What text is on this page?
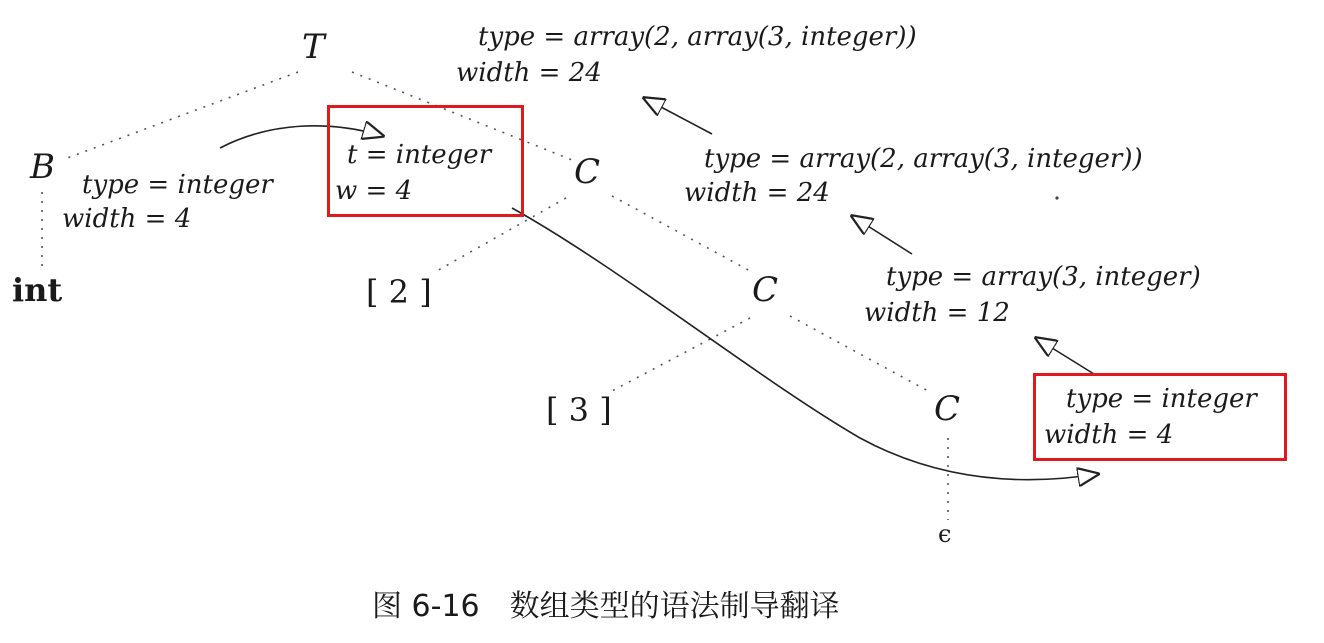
T
B	C
C
C
int	[ 2 ]
[ 3 ]
ϵ
type = array(2, array(3, integer))
width = 24
type = integer
width = 4
t = integer
w = 4
type = array(2, array(3, integer))
width = 24
type = array(3, integer)
width = 12
type = integer
width = 4
图 6-16　数组类型的语法制导翻译
